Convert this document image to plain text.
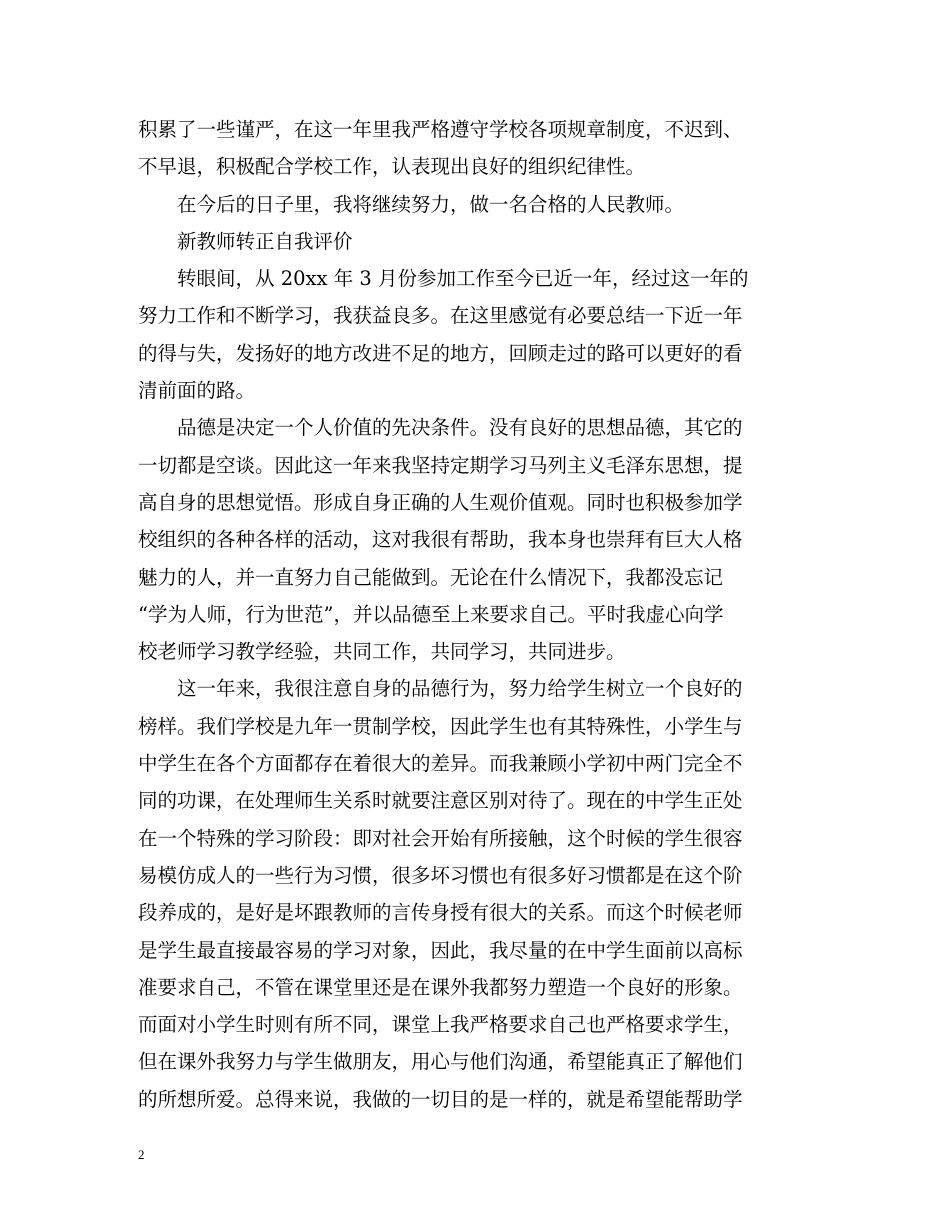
积累了一些谨严，在这一年里我严格遵守学校各项规章制度，不迟到、
不早退，积极配合学校工作，认表现出良好的组织纪律性。
　　在今后的日子里，我将继续努力，做一名合格的人民教师。
　　新教师转正自我评价
　　转眼间，从 20xx 年 3 月份参加工作至今已近一年，经过这一年的
努力工作和不断学习，我获益良多。在这里感觉有必要总结一下近一年
的得与失，发扬好的地方改进不足的地方，回顾走过的路可以更好的看
清前面的路。
　　品德是决定一个人价值的先决条件。没有良好的思想品德，其它的
一切都是空谈。因此这一年来我坚持定期学习马列主义毛泽东思想，提
高自身的思想觉悟。形成自身正确的人生观价值观。同时也积极参加学
校组织的各种各样的活动，这对我很有帮助，我本身也崇拜有巨大人格
魅力的人，并一直努力自己能做到。无论在什么情况下，我都没忘记
“学为人师，行为世范”，并以品德至上来要求自己。平时我虚心向学
校老师学习教学经验，共同工作，共同学习，共同进步。
　　这一年来，我很注意自身的品德行为，努力给学生树立一个良好的
榜样。我们学校是九年一贯制学校，因此学生也有其特殊性，小学生与
中学生在各个方面都存在着很大的差异。而我兼顾小学初中两门完全不
同的功课，在处理师生关系时就要注意区别对待了。现在的中学生正处
在一个特殊的学习阶段：即对社会开始有所接触，这个时候的学生很容
易模仿成人的一些行为习惯，很多坏习惯也有很多好习惯都是在这个阶
段养成的，是好是坏跟教师的言传身授有很大的关系。而这个时候老师
是学生最直接最容易的学习对象，因此，我尽量的在中学生面前以高标
准要求自己，不管在课堂里还是在课外我都努力塑造一个良好的形象。
而面对小学生时则有所不同，课堂上我严格要求自己也严格要求学生，
但在课外我努力与学生做朋友，用心与他们沟通，希望能真正了解他们
的所想所爱。总得来说，我做的一切目的是一样的，就是希望能帮助学
2
